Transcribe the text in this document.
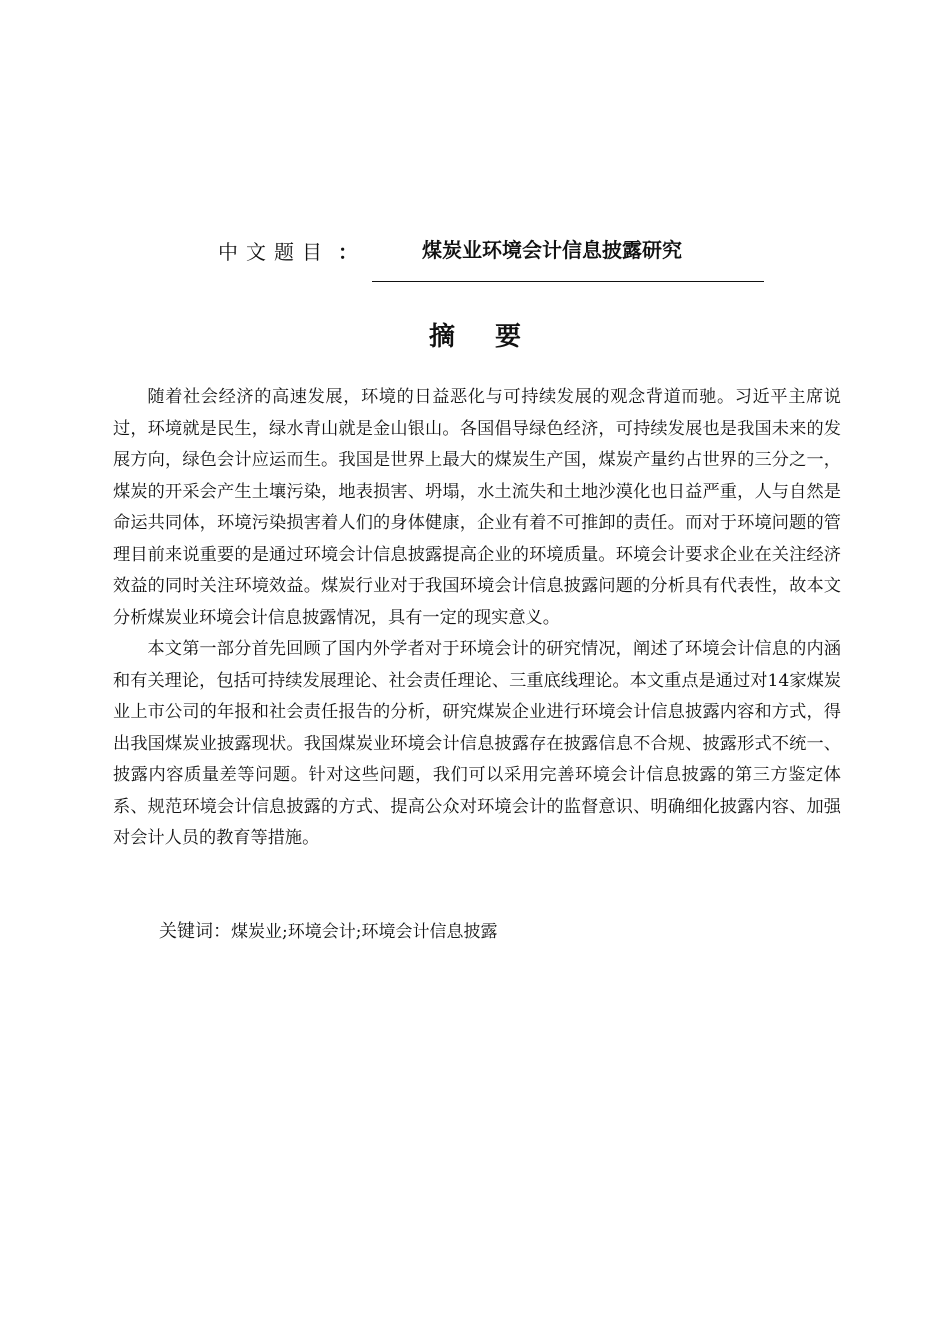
中文题目 ：	煤炭业环境会计信息披露研究
摘要

随着社会经济的高速发展，环境的日益恶化与可持续发展的观念背道而驰。习近平主席说过，环境就是民生，绿水青山就是金山银山。各国倡导绿色经济，可持续发展也是我国未来的发展方向，绿色会计应运而生。我国是世界上最大的煤炭生产国，煤炭产量约占世界的三分之一，煤炭的开采会产生土壤污染，地表损害、坍塌，水土流失和土地沙漠化也日益严重，人与自然是命运共同体，环境污染损害着人们的身体健康，企业有着不可推卸的责任。而对于环境问题的管理目前来说重要的是通过环境会计信息披露提高企业的环境质量。环境会计要求企业在关注经济效益的同时关注环境效益。煤炭行业对于我国环境会计信息披露问题的分析具有代表性，故本文分析煤炭业环境会计信息披露情况，具有一定的现实意义。

本文第一部分首先回顾了国内外学者对于环境会计的研究情况，阐述了环境会计信息的内涵和有关理论，包括可持续发展理论、社会责任理论、三重底线理论。本文重点是通过对14家煤炭业上市公司的年报和社会责任报告的分析，研究煤炭企业进行环境会计信息披露内容和方式，得出我国煤炭业披露现状。我国煤炭业环境会计信息披露存在披露信息不合规、披露形式不统一、披露内容质量差等问题。针对这些问题，我们可以采用完善环境会计信息披露的第三方鉴定体系、规范环境会计信息披露的方式、提高公众对环境会计的监督意识、明确细化披露内容、加强对会计人员的教育等措施。

关键词：煤炭业;环境会计;环境会计信息披露
